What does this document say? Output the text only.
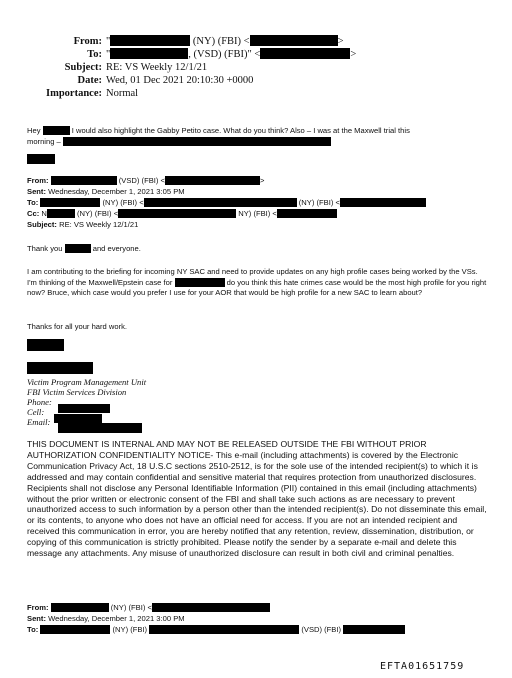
From: "	(NY) (FBI) <	>
To: "	, (VSD) (FBI)" <	>
Subject: RE: VS Weekly 12/1/21
Date: Wed, 01 Dec 2021 20:10:30 +0000
Importance: Normal
Hey	I would also highlight the Gabby Petito case. What do you think? Also – I was at the Maxwell trial this
morning –
From:	(VSD) (FBI) <	>
Sent: Wednesday, December 1, 2021 3:05 PM
To:	(NY) (FBI) <	(NY) (FBI) <
Cc: N	(NY) (FBI) <	NY) (FBI) <
Subject: RE: VS Weekly 12/1/21
Thank you	and everyone.
I am contributing to the briefing for incoming NY SAC and need to provide updates on any high profile cases being worked by the VSs. I'm thinking of the Maxwell/Epstein case for	do you think this hate crimes case would be the most high profile for you right now? Bruce, which case would you prefer I use for your AOR that would be high profile for a new SAC to learn about?
Thanks for all your hard work.
Victim Program Management Unit
FBI Victim Services Division
Phone:
Cell:
Email:
THIS DOCUMENT IS INTERNAL AND MAY NOT BE RELEASED OUTSIDE THE FBI WITHOUT PRIOR AUTHORIZATION CONFIDENTIALITY NOTICE- This e-mail (including attachments) is covered by the Electronic Communication Privacy Act, 18 U.S.C sections 2510-2512, is for the sole use of the intended recipient(s) to which it is addressed and may contain confidential and sensitive material that requires protection from unauthorized disclosures. Recipients shall not disclose any Personal Identifiable Information (PII) contained in this email (including attachments) without the prior written or electronic consent of the FBI and shall take such actions as are necessary to prevent unauthorized access to such information by a person other than the intended recipient(s). Do not disseminate this email, or its contents, to anyone who does not have an official need for access. If you are not an intended recipient and received this communication in error, you are hereby notified that any retention, review, dissemination, distribution, or copying of this communication is strictly prohibited. Please notify the sender by a separate e-mail and delete this message any attachments. Any misuse of unauthorized disclosure can result in both civil and criminal penalties.
From:	(NY) (FBI) <
Sent: Wednesday, December 1, 2021 3:00 PM
To:	(NY) (FBI)	(VSD) (FBI)
EFTA01651759
